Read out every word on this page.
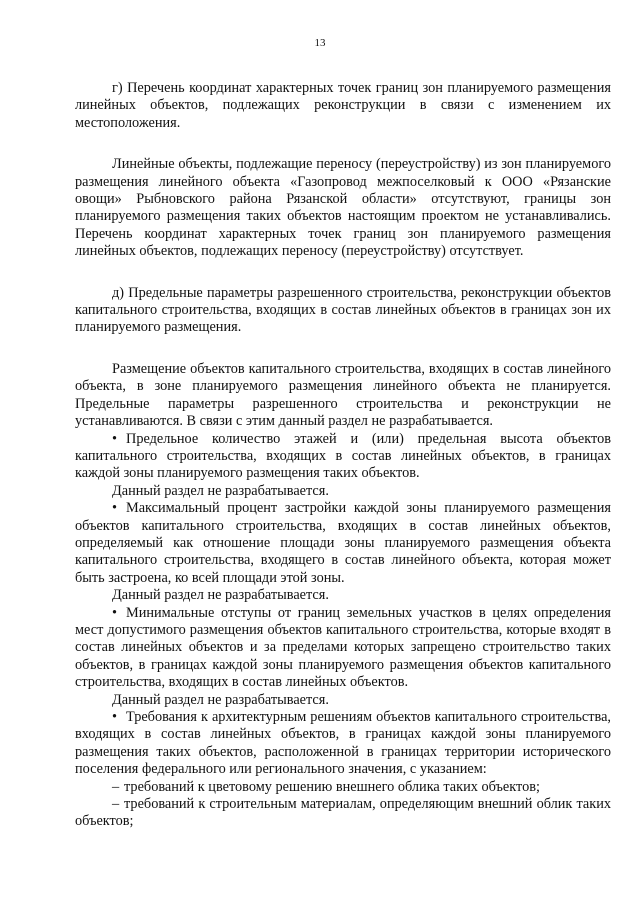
13

г) Перечень координат характерных точек границ зон планируемого размещения линейных объектов, подлежащих реконструкции в связи с изменением их местоположения.

Линейные объекты, подлежащие переносу (переустройству) из зон планируемого размещения линейного объекта «Газопровод межпоселковый к ООО «Рязанские овощи» Рыбновского района Рязанской области» отсутствуют, границы зон планируемого размещения таких объектов настоящим проектом не устанавливались. Перечень координат характерных точек границ зон планируемого размещения линейных объектов, подлежащих переносу (переустройству) отсутствует.

д) Предельные параметры разрешенного строительства, реконструкции объектов капитального строительства, входящих в состав линейных объектов в границах зон их планируемого размещения.

Размещение объектов капитального строительства, входящих в состав линейного объекта, в зоне планируемого размещения линейного объекта не планируется. Предельные параметры разрешенного строительства и реконструкции не устанавливаются. В связи с этим данный раздел не разрабатывается.

• Предельное количество этажей и (или) предельная высота объектов капитального строительства, входящих в состав линейных объектов, в границах каждой зоны планируемого размещения таких объектов.

Данный раздел не разрабатывается.

• Максимальный процент застройки каждой зоны планируемого размещения объектов капитального строительства, входящих в состав линейных объектов, определяемый как отношение площади зоны планируемого размещения объекта капитального строительства, входящего в состав линейного объекта, которая может быть застроена, ко всей площади этой зоны.

Данный раздел не разрабатывается.

• Минимальные отступы от границ земельных участков в целях определения мест допустимого размещения объектов капитального строительства, которые входят в состав линейных объектов и за пределами которых запрещено строительство таких объектов, в границах каждой зоны планируемого размещения объектов капитального строительства, входящих в состав линейных объектов.

Данный раздел не разрабатывается.

• Требования к архитектурным решениям объектов капитального строительства, входящих в состав линейных объектов, в границах каждой зоны планируемого размещения таких объектов, расположенной в границах территории исторического поселения федерального или регионального значения, с указанием:

– требований к цветовому решению внешнего облика таких объектов;

– требований к строительным материалам, определяющим внешний облик таких объектов;
